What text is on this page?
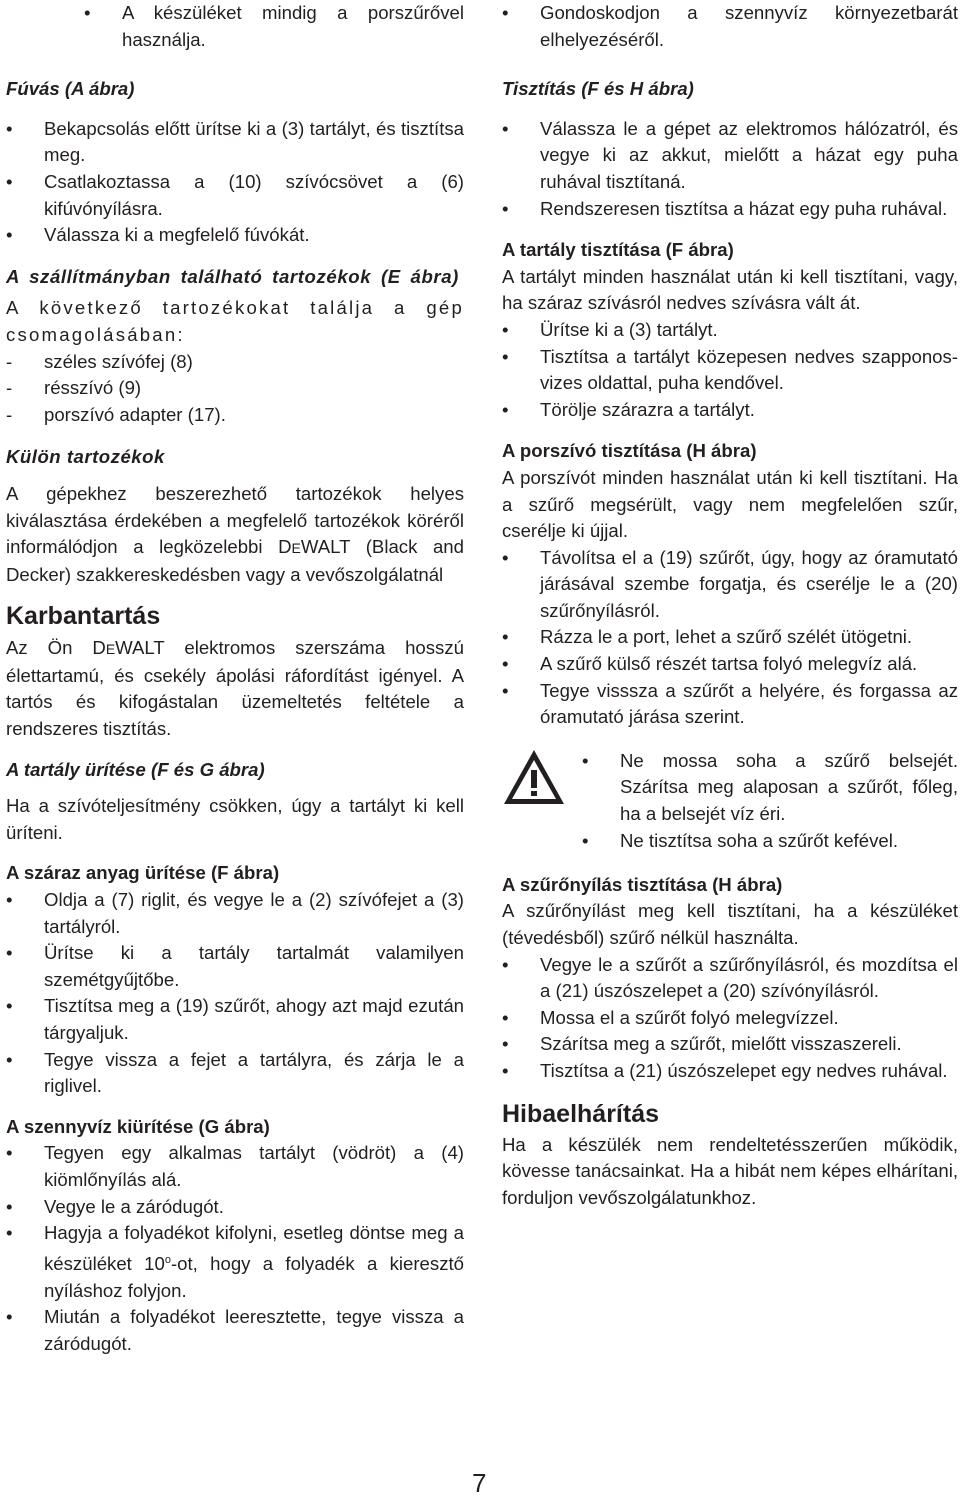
• A készüléket mindig a porszűrővel használja.
Fúvás (A ábra)
• Bekapcsolás előtt ürítse ki a (3) tartályt, és tisztítsa meg.
• Csatlakoztassa a (10) szívócsövet a (6) kifúvónyílásra.
• Válassza ki a megfelelő fúvókát.
A szállítmányban található tartozékok (E ábra)

A következő tartozékokat találja a gép csomagolásában:

- széles szívófej (8)
- résszívó (9)
- porszívó adapter (17).
Külön tartozékok

A gépekhez beszerezhető tartozékok helyes kiválasztása érdekében a megfelelő tartozékok köréről informálódjon a legközelebbi DEWALT (Black and Decker) szakkereskedésben vagy a vevőszolgálatnál

Karbantartás

Az Ön DEWALT elektromos szerszáma hosszú élettartamú, és csekély ápolási ráfordítást igényel. A tartós és kifogástalan üzemeltetés feltétele a rendszeres tisztítás.

A tartály ürítése (F és G ábra)

Ha a szívóteljesítmény csökken, úgy a tartályt ki kell üríteni.

A száraz anyag ürítése (F ábra)
• Oldja a (7) riglit, és vegye le a (2) szívófejet a (3) tartályról.
• Ürítse ki a tartály tartalmát valamilyen szemétgyűjtőbe.
• Tisztítsa meg a (19) szűrőt, ahogy azt majd ezután tárgyaljuk.
• Tegye vissza a fejet a tartályra, és zárja le a riglivel.
A szennyvíz kiürítése (G ábra)
• Tegyen egy alkalmas tartályt (vödröt) a (4) kiömlőnyílás alá.
• Vegye le a záródugót.
• Hagyja a folyadékot kifolyni, esetleg döntse meg a készüléket 10$^o$-ot, hogy a folyadék a kieresztő nyíláshoz folyjon.
• Miután a folyadékot leeresztette, tegye vissza a záródugót.
• Gondoskodjon a szennyvíz környezetbarát elhelyezéséről.
Tisztítás (F és H ábra)
• Válassza le a gépet az elektromos hálózatról, és vegye ki az akkut, mielőtt a házat egy puha ruhával tisztítaná.
• Rendszeresen tisztítsa a házat egy puha ruhával.
A tartály tisztítása (F ábra)

A tartályt minden használat után ki kell tisztítani, vagy, ha száraz szívásról nedves szívásra vált át.

• Ürítse ki a (3) tartályt.
• Tisztítsa a tartályt közepesen nedves szapponos-vizes oldattal, puha kendővel.
• Törölje szárazra a tartályt.
A porszívó tisztítása (H ábra)

A porszívót minden használat után ki kell tisztítani. Ha a szűrő megsérült, vagy nem megfelelően szűr, cserélje ki újjal.

• Távolítsa el a (19) szűrőt, úgy, hogy az óramutató járásával szembe forgatja, és cserélje le a (20) szűrőnyílásról.
• Rázza le a port, lehet a szűrő szélét ütögetni.
• A szűrő külső részét tartsa folyó melegvíz alá.
• Tegye visssza a szűrőt a helyére, és forgassa az óramutató járása szerint.
• Ne mossa soha a szűrő belsejét. Szárítsa meg alaposan a szűrőt, főleg, ha a belsejét víz éri.
• Ne tisztítsa soha a szűrőt kefével.
A szűrőnyílás tisztítása (H ábra)

A szűrőnyílást meg kell tisztítani, ha a készüléket (tévedésből) szűrő nélkül használta.

• Vegye le a szűrőt a szűrőnyílásról, és mozdítsa el a (21) úszószelepet a (20) szívónyílásról.
• Mossa el a szűrőt folyó melegvízzel.
• Szárítsa meg a szűrőt, mielőtt visszaszereli.
• Tisztítsa a (21) úszószelepet egy nedves ruhával.
Hibaelhárítás

Ha a készülék nem rendeltetésszerűen működik, kövesse tanácsainkat. Ha a hibát nem képes elhárítani, forduljon vevőszolgálatunkhoz.

7
